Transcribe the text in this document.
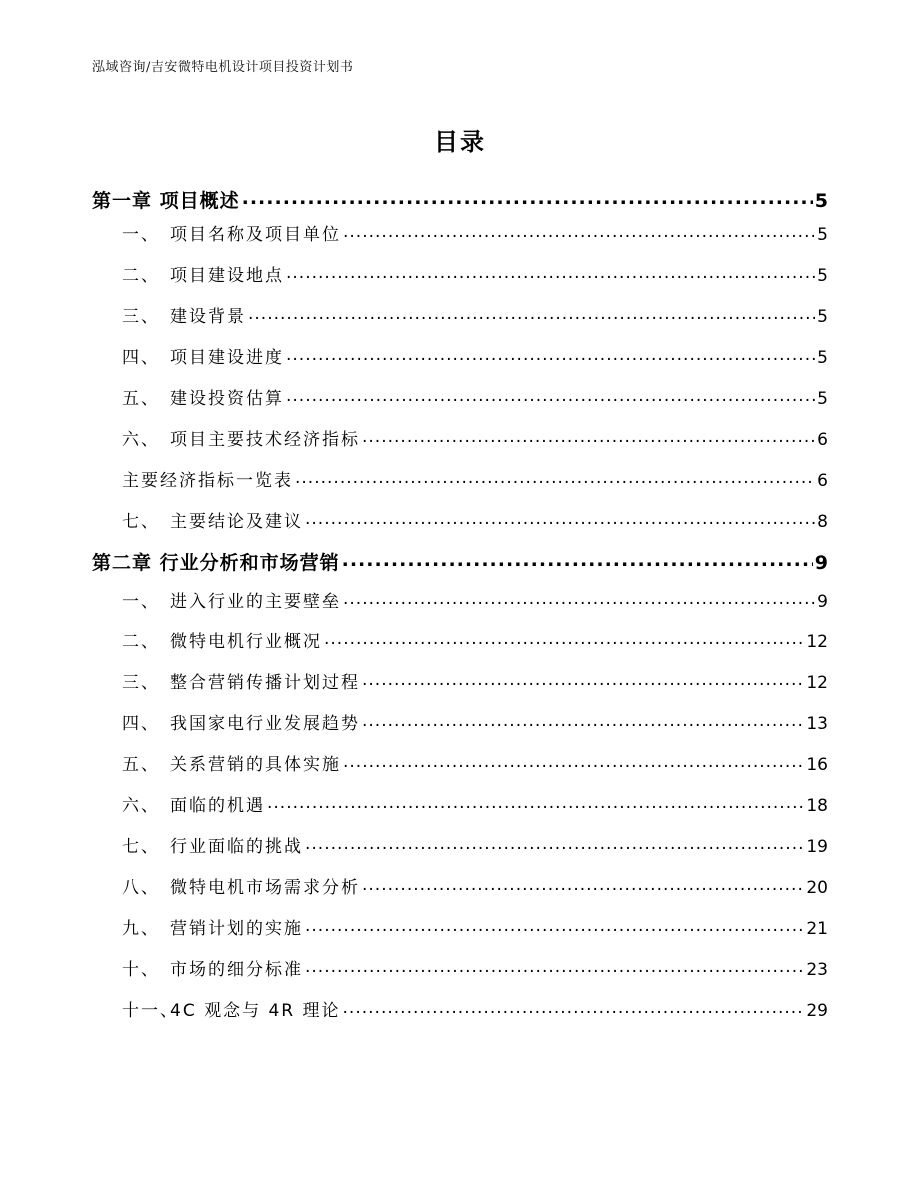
泓域咨询/吉安微特电机设计项目投资计划书
目录
第一章 项目概述 .....	5
一、 项目名称及项目单位 .....	5
二、 项目建设地点 .....	5
三、 建设背景 .....	5
四、 项目建设进度 .....	5
五、 建设投资估算 .....	5
六、 项目主要技术经济指标 .....	6
主要经济指标一览表 .....	6
七、 主要结论及建议 .....	8
第二章 行业分析和市场营销 .....	9
一、 进入行业的主要壁垒 .....	9
二、 微特电机行业概况 .....	12
三、 整合营销传播计划过程 .....	12
四、 我国家电行业发展趋势 .....	13
五、 关系营销的具体实施 .....	16
六、 面临的机遇 .....	18
七、 行业面临的挑战 .....	19
八、 微特电机市场需求分析 .....	20
九、 营销计划的实施 .....	21
十、 市场的细分标准 .....	23
十一、4C 观念与 4R 理论 .....	29
